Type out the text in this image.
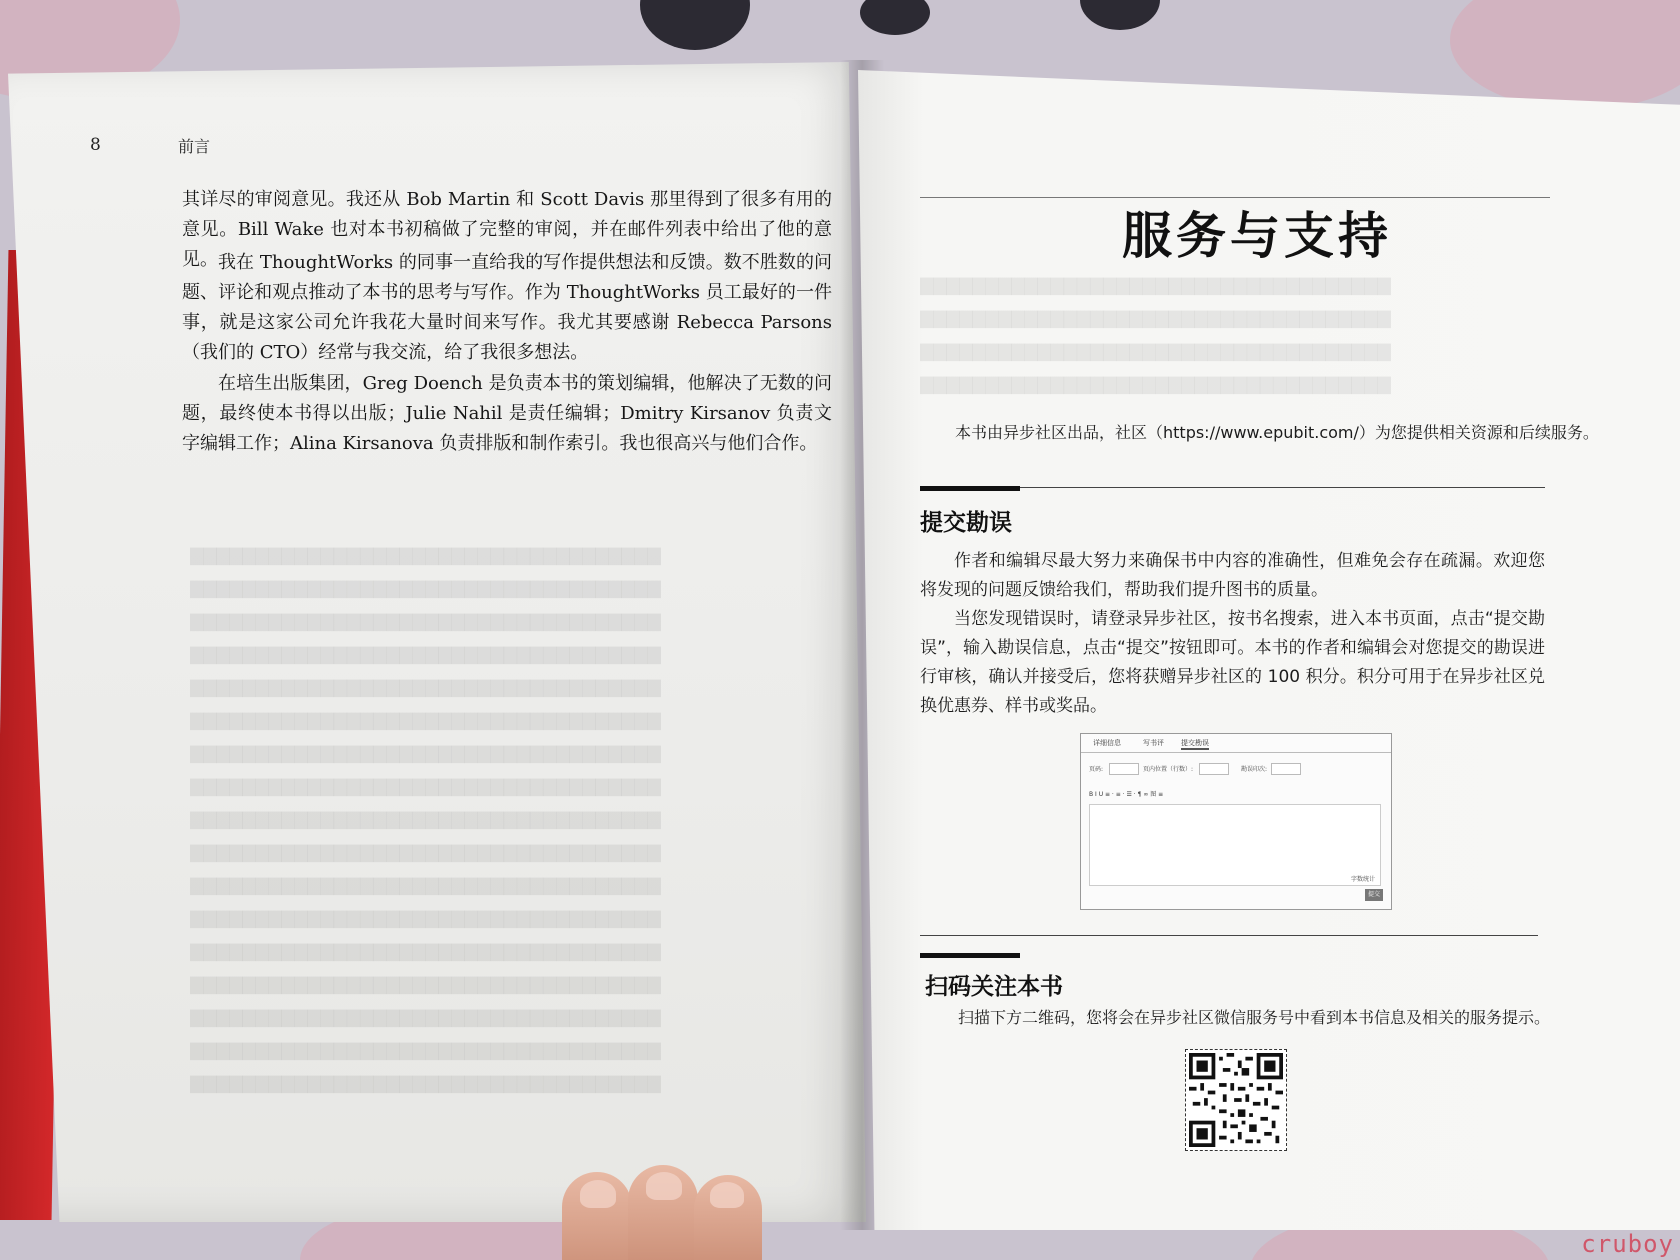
▇▇▇▇▇▇▇▇▇▇▇▇▇▇▇▇▇▇▇▇▇▇▇▇▇▇▇▇▇▇▇▇▇▇▇▇
▇▇▇▇▇▇▇▇▇▇▇▇▇▇▇▇▇▇▇▇▇▇▇▇▇▇▇▇▇▇▇▇▇▇▇▇
▇▇▇▇▇▇▇▇▇▇▇▇▇▇▇▇▇▇▇▇▇▇▇▇▇▇▇▇▇▇▇▇▇▇▇▇
▇▇▇▇▇▇▇▇▇▇▇▇▇▇▇▇▇▇▇▇▇▇▇▇▇▇▇▇▇▇▇▇▇▇▇▇
▇▇▇▇▇▇▇▇▇▇▇▇▇▇▇▇▇▇▇▇▇▇▇▇▇▇▇▇▇▇▇▇▇▇▇▇
▇▇▇▇▇▇▇▇▇▇▇▇▇▇▇▇▇▇▇▇▇▇▇▇▇▇▇▇▇▇▇▇▇▇▇▇
▇▇▇▇▇▇▇▇▇▇▇▇▇▇▇▇▇▇▇▇▇▇▇▇▇▇▇▇▇▇▇▇▇▇▇▇
▇▇▇▇▇▇▇▇▇▇▇▇▇▇▇▇▇▇▇▇▇▇▇▇▇▇▇▇▇▇▇▇▇▇▇▇
▇▇▇▇▇▇▇▇▇▇▇▇▇▇▇▇▇▇▇▇▇▇▇▇▇▇▇▇▇▇▇▇▇▇▇▇
▇▇▇▇▇▇▇▇▇▇▇▇▇▇▇▇▇▇▇▇▇▇▇▇▇▇▇▇▇▇▇▇▇▇▇▇
▇▇▇▇▇▇▇▇▇▇▇▇▇▇▇▇▇▇▇▇▇▇▇▇▇▇▇▇▇▇▇▇▇▇▇▇
▇▇▇▇▇▇▇▇▇▇▇▇▇▇▇▇▇▇▇▇▇▇▇▇▇▇▇▇▇▇▇▇▇▇▇▇
▇▇▇▇▇▇▇▇▇▇▇▇▇▇▇▇▇▇▇▇▇▇▇▇▇▇▇▇▇▇▇▇▇▇▇▇
▇▇▇▇▇▇▇▇▇▇▇▇▇▇▇▇▇▇▇▇▇▇▇▇▇▇▇▇▇▇▇▇▇▇▇▇
▇▇▇▇▇▇▇▇▇▇▇▇▇▇▇▇▇▇▇▇▇▇▇▇▇▇▇▇▇▇▇▇▇▇▇▇
▇▇▇▇▇▇▇▇▇▇▇▇▇▇▇▇▇▇▇▇▇▇▇▇▇▇▇▇▇▇▇▇▇▇▇▇
▇▇▇▇▇▇▇▇▇▇▇▇▇▇▇▇▇▇▇▇▇▇▇▇▇▇▇▇▇▇▇▇▇▇▇▇
8	前言
其详尽的审阅意见。我还从 Bob Martin 和 Scott Davis 那里得到了很多有用的意见。Bill Wake 也对本书初稿做了完整的审阅，并在邮件列表中给出了他的意见。 我在 ThoughtWorks 的同事一直给我的写作提供想法和反馈。数不胜数的问题、评论和观点推动了本书的思考与写作。作为 ThoughtWorks 员工最好的一件事，就是这家公司允许我花大量时间来写作。我尤其要感谢 Rebecca Parsons（我们的 CTO）经常与我交流，给了我很多想法。
在培生出版集团，Greg Doench 是负责本书的策划编辑，他解决了无数的问题，最终使本书得以出版；Julie Nahil 是责任编辑；Dmitry Kirsanov 负责文字编辑工作；Alina Kirsanova 负责排版和制作索引。我也很高兴与他们合作。
▇▇▇▇▇▇▇▇▇▇▇▇▇▇▇▇▇▇▇▇▇▇▇▇▇▇▇▇▇▇▇▇▇▇▇▇
▇▇▇▇▇▇▇▇▇▇▇▇▇▇▇▇▇▇▇▇▇▇▇▇▇▇▇▇▇▇▇▇▇▇▇▇
▇▇▇▇▇▇▇▇▇▇▇▇▇▇▇▇▇▇▇▇▇▇▇▇▇▇▇▇▇▇▇▇▇▇▇▇
▇▇▇▇▇▇▇▇▇▇▇▇▇▇▇▇▇▇▇▇▇▇▇▇▇▇▇▇▇▇▇▇▇▇▇▇
服务与支持
本书由异步社区出品，社区（https://www.epubit.com/）为您提供相关资源和后续服务。
提交勘误
作者和编辑尽最大努力来确保书中内容的准确性，但难免会存在疏漏。欢迎您将发现的问题反馈给我们，帮助我们提升图书的质量。
当您发现错误时，请登录异步社区，按书名搜索，进入本书页面，点击“提交勘误”，输入勘误信息，点击“提交”按钮即可。本书的作者和编辑会对您提交的勘误进行审核，确认并接受后，您将获赠异步社区的 100 积分。积分可用于在异步社区兑换优惠券、样书或奖品。
详细信息	写书评 提交勘误
页码:	页内位置（行数）:	勘误印次:
B I U ≡ · ≡ · ☰ · ¶ ∞ 图 ≡
字数统计
提交
扫码关注本书
扫描下方二维码，您将会在异步社区微信服务号中看到本书信息及相关的服务提示。
cruboy
